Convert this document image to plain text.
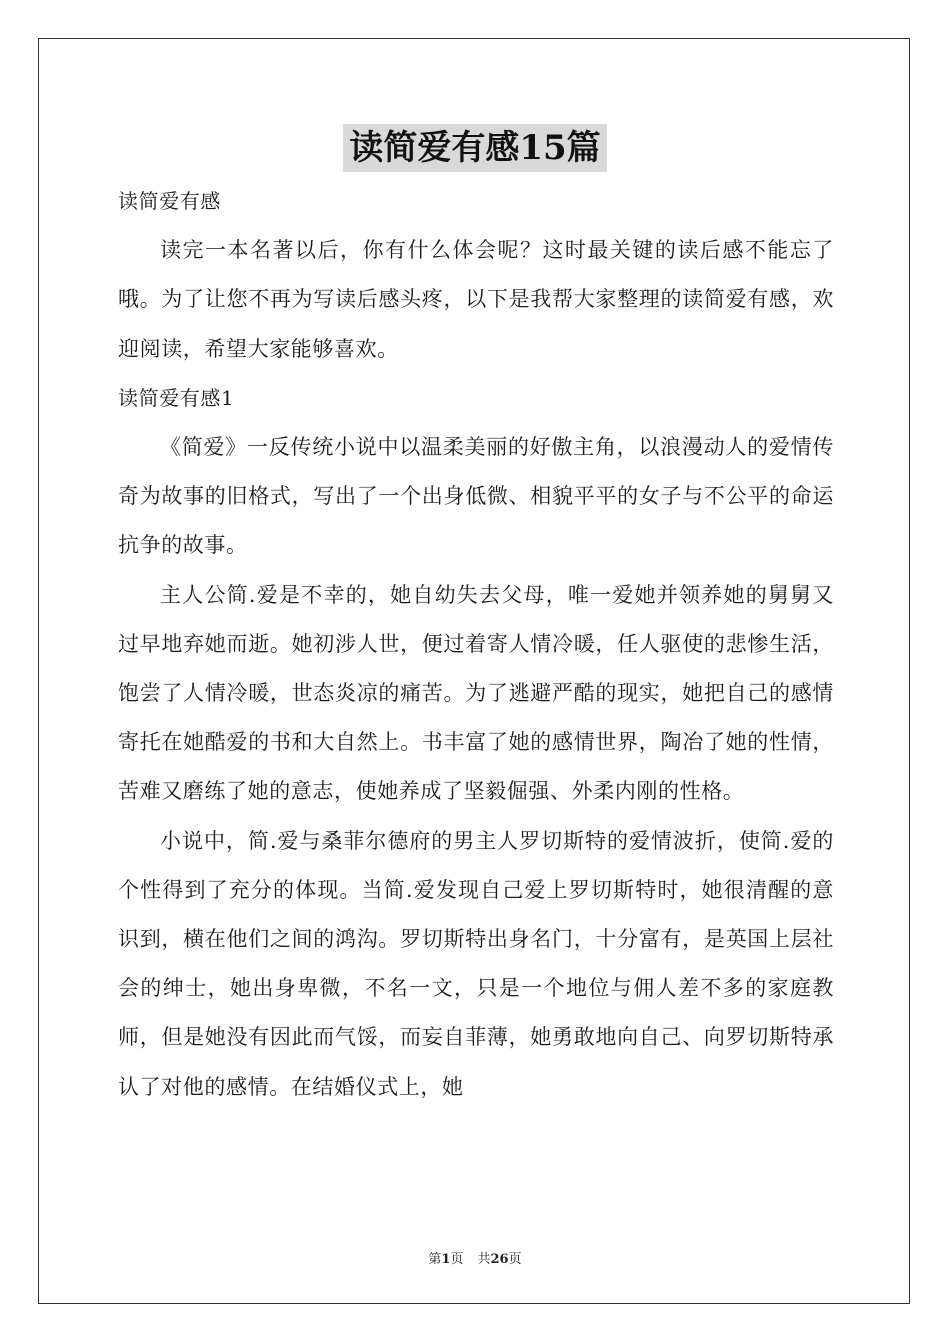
读简爱有感15篇

读简爱有感

读完一本名著以后，你有什么体会呢？这时最关键的读后感不能忘了哦。为了让您不再为写读后感头疼，以下是我帮大家整理的读简爱有感，欢迎阅读，希望大家能够喜欢。

读简爱有感1

《简爱》一反传统小说中以温柔美丽的好傲主角，以浪漫动人的爱情传奇为故事的旧格式，写出了一个出身低微、相貌平平的女子与不公平的命运抗争的故事。

主人公简.爱是不幸的，她自幼失去父母，唯一爱她并领养她的舅舅又过早地弃她而逝。她初涉人世，便过着寄人情冷暖，任人驱使的悲惨生活，饱尝了人情冷暖，世态炎凉的痛苦。为了逃避严酷的现实，她把自己的感情寄托在她酷爱的书和大自然上。书丰富了她的感情世界，陶冶了她的性情，苦难又磨练了她的意志，使她养成了坚毅倔强、外柔内刚的性格。

小说中，简.爱与桑菲尔德府的男主人罗切斯特的爱情波折，使简.爱的个性得到了充分的体现。当简.爱发现自己爱上罗切斯特时，她很清醒的意识到，横在他们之间的鸿沟。罗切斯特出身名门，十分富有，是英国上层社会的绅士，她出身卑微，不名一文，只是一个地位与佣人差不多的家庭教师，但是她没有因此而气馁，而妄自菲薄，她勇敢地向自己、向罗切斯特承认了对他的感情。在结婚仪式上，她

第1页 共26页
